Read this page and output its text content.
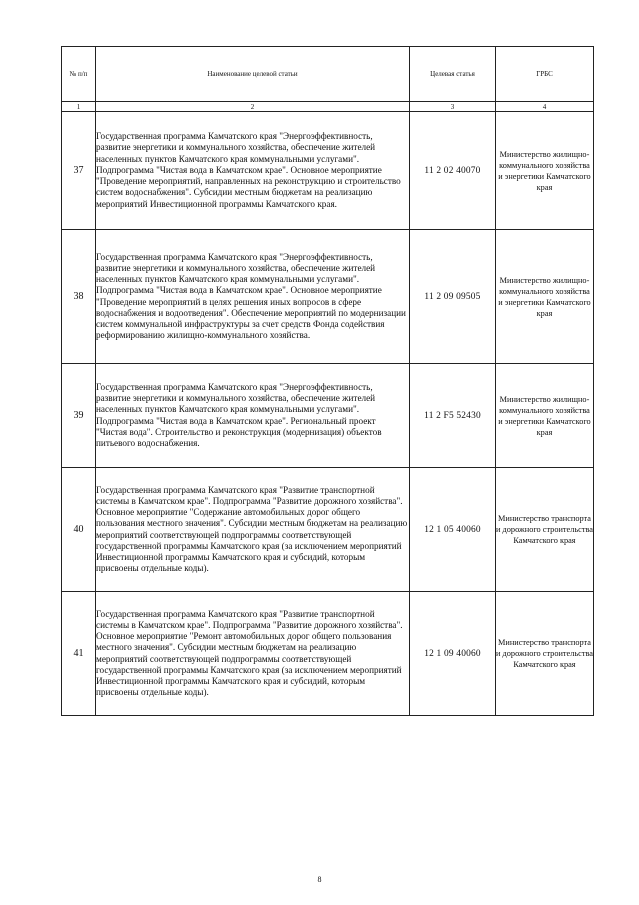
№ п/п	Наименование целевой статьи	Целевая статья	ГРБС
1	2	3	4
37	Государственная программа Камчатского края "Энергоэффективность, развитие энергетики и коммунального хозяйства, обеспечение жителей населенных пунктов Камчатского края коммунальными услугами". Подпрограмма "Чистая вода в Камчатском крае". Основное мероприятие "Проведение мероприятий, направленных на реконструкцию и строительство систем водоснабжения". Субсидии местным бюджетам на реализацию мероприятий Инвестиционной программы Камчатского края.	11 2 02 40070	Министерство жилищно-коммунального хозяйства и энергетики Камчатского края
38	Государственная программа Камчатского края "Энергоэффективность, развитие энергетики и коммунального хозяйства, обеспечение жителей населенных пунктов Камчатского края коммунальными услугами". Подпрограмма "Чистая вода в Камчатском крае". Основное мероприятие "Проведение мероприятий в целях решения иных вопросов в сфере водоснабжения и водоотведения". Обеспечение мероприятий по модернизации систем коммунальной инфраструктуры за счет средств Фонда содействия реформированию жилищно-коммунального хозяйства.	11 2 09 09505	Министерство жилищно-коммунального хозяйства и энергетики Камчатского края
39	Государственная программа Камчатского края "Энергоэффективность, развитие энергетики и коммунального хозяйства, обеспечение жителей населенных пунктов Камчатского края коммунальными услугами". Подпрограмма "Чистая вода в Камчатском крае". Региональный проект "Чистая вода". Строительство и реконструкция (модернизация) объектов питьевого водоснабжения.	11 2 F5 52430	Министерство жилищно-коммунального хозяйства и энергетики Камчатского края
40	Государственная программа Камчатского края "Развитие транспортной системы в Камчатском крае". Подпрограмма "Развитие дорожного хозяйства". Основное мероприятие "Содержание автомобильных дорог общего пользования местного значения". Субсидии местным бюджетам на реализацию мероприятий соответствующей подпрограммы соответствующей государственной программы Камчатского края (за исключением мероприятий Инвестиционной программы Камчатского края и субсидий, которым присвоены отдельные коды).	12 1 05 40060	Министерство транспорта и дорожного строительства Камчатского края
41	Государственная программа Камчатского края "Развитие транспортной системы в Камчатском крае". Подпрограмма "Развитие дорожного хозяйства". Основное мероприятие "Ремонт автомобильных дорог общего пользования местного значения". Субсидии местным бюджетам на реализацию мероприятий соответствующей подпрограммы соответствующей государственной программы Камчатского края (за исключением мероприятий Инвестиционной программы Камчатского края и субсидий, которым присвоены отдельные коды).	12 1 09 40060	Министерство транспорта и дорожного строительства Камчатского края
8
